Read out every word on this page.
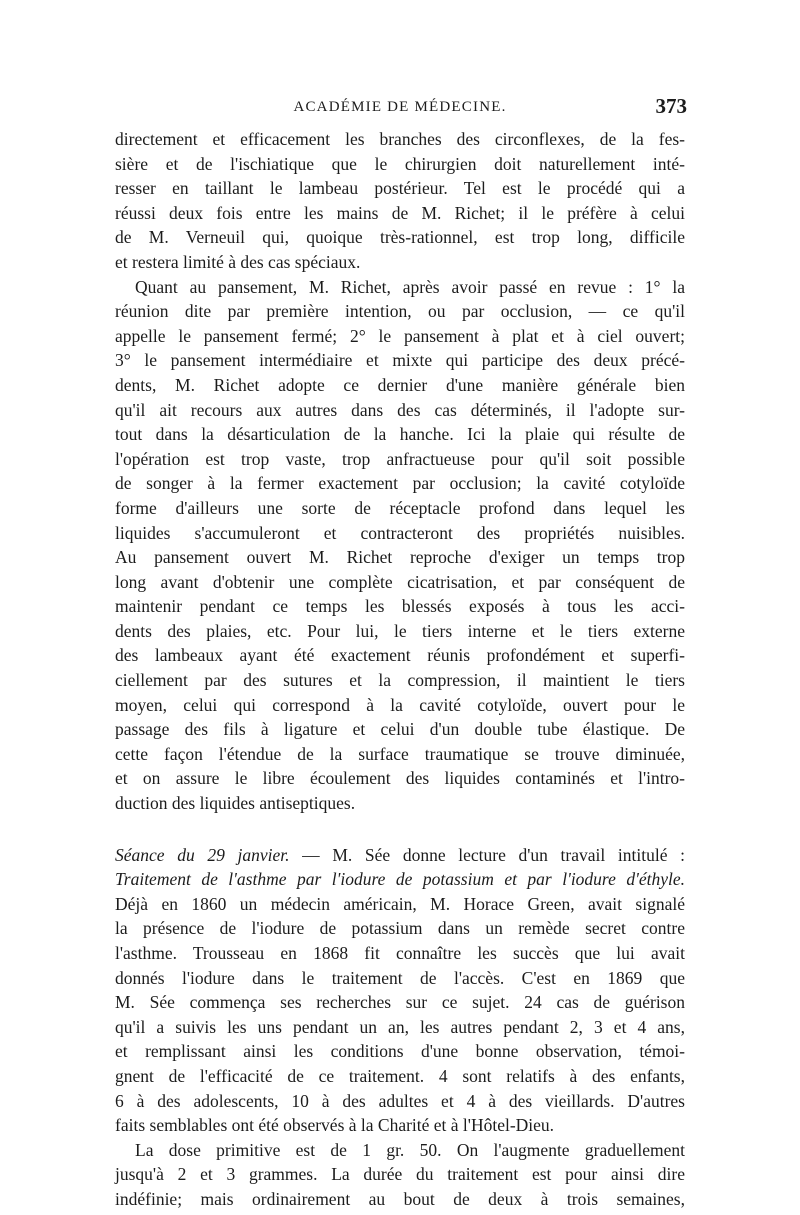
ACADÉMIE DE MÉDECINE.	373
directement et efficacement les branches des circonflexes, de la fes-
sière et de l'ischiatique que le chirurgien doit naturellement inté-
resser en taillant le lambeau postérieur. Tel est le procédé qui a
réussi deux fois entre les mains de M. Richet; il le préfère à celui
de M. Verneuil qui, quoique très-rationnel, est trop long, difficile
et restera limité à des cas spéciaux.
Quant au pansement, M. Richet, après avoir passé en revue : 1° la
réunion dite par première intention, ou par occlusion, — ce qu'il
appelle le pansement fermé; 2° le pansement à plat et à ciel ouvert;
3° le pansement intermédiaire et mixte qui participe des deux précé-
dents, M. Richet adopte ce dernier d'une manière générale bien
qu'il ait recours aux autres dans des cas déterminés, il l'adopte sur-
tout dans la désarticulation de la hanche. Ici la plaie qui résulte de
l'opération est trop vaste, trop anfractueuse pour qu'il soit possible
de songer à la fermer exactement par occlusion; la cavité cotyloïde
forme d'ailleurs une sorte de réceptacle profond dans lequel les
liquides s'accumuleront et contracteront des propriétés nuisibles.
Au pansement ouvert M. Richet reproche d'exiger un temps trop
long avant d'obtenir une complète cicatrisation, et par conséquent de
maintenir pendant ce temps les blessés exposés à tous les acci-
dents des plaies, etc. Pour lui, le tiers interne et le tiers externe
des lambeaux ayant été exactement réunis profondément et superfi-
ciellement par des sutures et la compression, il maintient le tiers
moyen, celui qui correspond à la cavité cotyloïde, ouvert pour le
passage des fils à ligature et celui d'un double tube élastique. De
cette façon l'étendue de la surface traumatique se trouve diminuée,
et on assure le libre écoulement des liquides contaminés et l'intro-
duction des liquides antiseptiques.
Séance du 29 janvier. — M. Sée donne lecture d'un travail intitulé :
Traitement de l'asthme par l'iodure de potassium et par l'iodure d'éthyle.
Déjà en 1860 un médecin américain, M. Horace Green, avait signalé
la présence de l'iodure de potassium dans un remède secret contre
l'asthme. Trousseau en 1868 fit connaître les succès que lui avait
donnés l'iodure dans le traitement de l'accès. C'est en 1869 que
M. Sée commença ses recherches sur ce sujet. 24 cas de guérison
qu'il a suivis les uns pendant un an, les autres pendant 2, 3 et 4 ans,
et remplissant ainsi les conditions d'une bonne observation, témoi-
gnent de l'efficacité de ce traitement. 4 sont relatifs à des enfants,
6 à des adolescents, 10 à des adultes et 4 à des vieillards. D'autres
faits semblables ont été observés à la Charité et à l'Hôtel-Dieu.
La dose primitive est de 1 gr. 50. On l'augmente graduellement
jusqu'à 2 et 3 grammes. La durée du traitement est pour ainsi dire
indéfinie; mais ordinairement au bout de deux à trois semaines,
